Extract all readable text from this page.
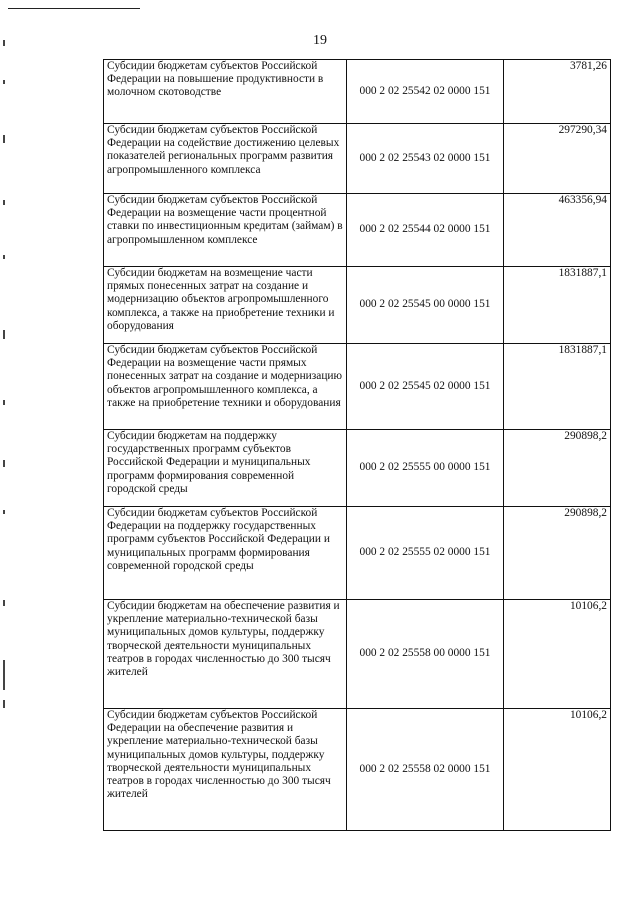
19
Субсидии бюджетам субъектов Российской Федерации на повышение продуктивности в молочном скотоводстве	000 2 02 25542 02 0000 151	3781,26
Субсидии бюджетам субъектов Российской Федерации на содействие достижению целевых показателей региональных программ развития агропромышленного комплекса	000 2 02 25543 02 0000 151	297290,34
Субсидии бюджетам субъектов Российской Федерации на возмещение части процентной ставки по инвестиционным кредитам (займам) в агропромышленном комплексе	000 2 02 25544 02 0000 151	463356,94
Субсидии бюджетам на возмещение части прямых понесенных затрат на создание и модернизацию объектов агропромышленного комплекса, а также на приобретение техники и оборудования	000 2 02 25545 00 0000 151	1831887,1
Субсидии бюджетам субъектов Российской Федерации на возмещение части прямых понесенных затрат на создание и модернизацию объектов агропромышленного комплекса, а также на приобретение техники и оборудования	000 2 02 25545 02 0000 151	1831887,1
Субсидии бюджетам на поддержку государственных программ субъектов Российской Федерации и муниципальных программ формирования современной городской среды	000 2 02 25555 00 0000 151	290898,2
Субсидии бюджетам субъектов Российской Федерации на поддержку государственных программ субъектов Российской Федерации и муниципальных программ формирования современной городской среды	000 2 02 25555 02 0000 151	290898,2
Субсидии бюджетам на обеспечение развития и укрепление материально-технической базы муниципальных домов культуры, поддержку творческой деятельности муниципальных театров в городах численностью до 300 тысяч жителей	000 2 02 25558 00 0000 151	10106,2
Субсидии бюджетам субъектов Российской Федерации на обеспечение развития и укрепление материально-технической базы муниципальных домов культуры, поддержку творческой деятельности муниципальных театров в городах численностью до 300 тысяч жителей	000 2 02 25558 02 0000 151	10106,2
